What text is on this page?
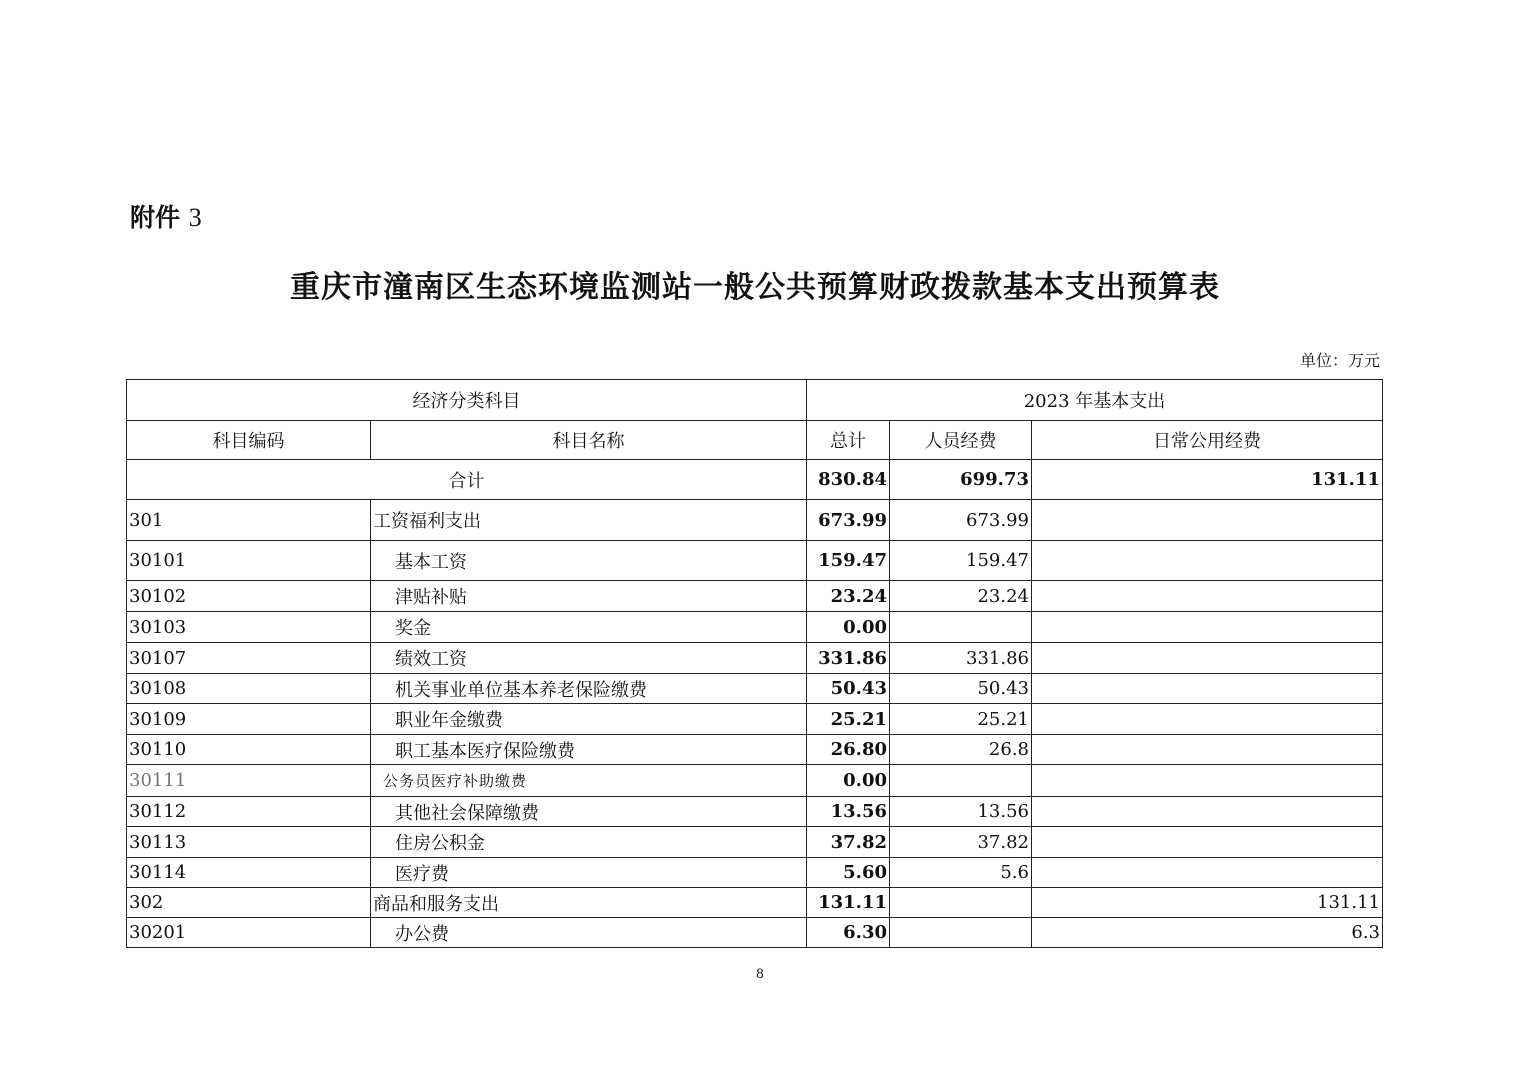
附件 3
重庆市潼南区生态环境监测站一般公共预算财政拨款基本支出预算表
单位：万元
经济分类科目		2023 年基本支出		
科目编码	科目名称	总计	人员经费	日常公用经费
合计		830.84	699.73	131.11
301	工资福利支出	673.99	673.99	
30101	基本工资	159.47	159.47	
30102	津贴补贴	23.24	23.24	
30103	奖金	0.00		
30107	绩效工资	331.86	331.86	
30108	机关事业单位基本养老保险缴费	50.43	50.43	
30109	职业年金缴费	25.21	25.21	
30110	职工基本医疗保险缴费	26.80	26.8	
30111	公务员医疗补助缴费	0.00		
30112	其他社会保障缴费	13.56	13.56	
30113	住房公积金	37.82	37.82	
30114	医疗费	5.60	5.6	
302	商品和服务支出	131.11		131.11
30201	办公费	6.30		6.3
8
